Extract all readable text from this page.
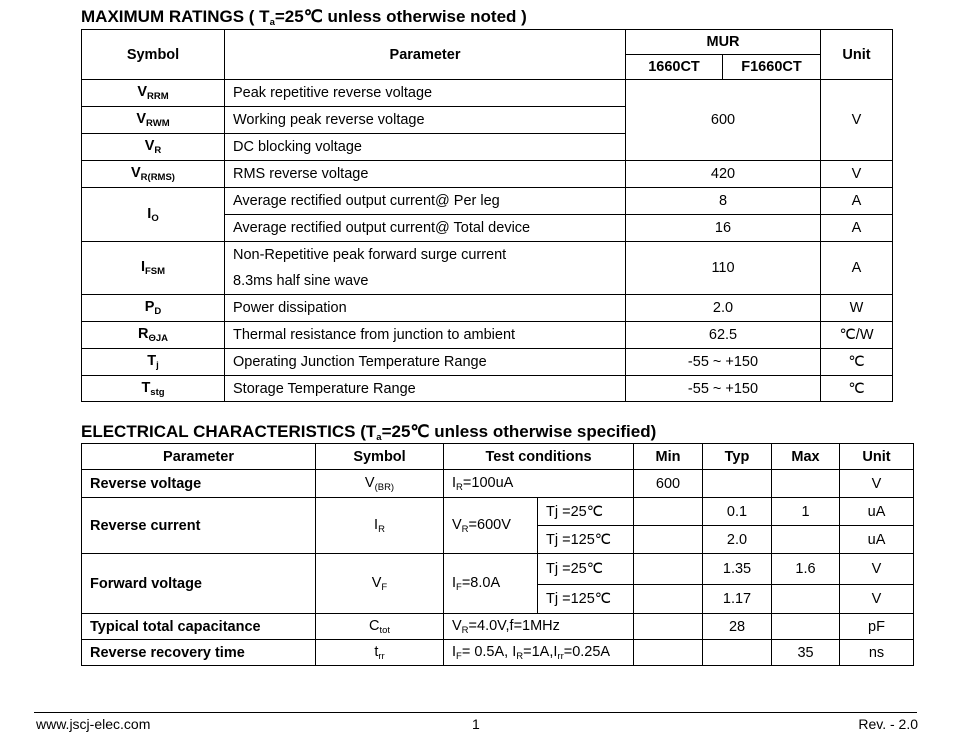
MAXIMUM RATINGS ( $T_a=25℃$ unless otherwise noted )
Symbol	Parameter	MUR		Unit
		1660CT	F1660CT	
$V_{RRM}$	Peak repetitive reverse voltage	600		V
$V_{RWM}$	Working peak reverse voltage			
$V_R$	DC blocking voltage			
$V_{R(RMS)}$	RMS reverse voltage	420		V
$I_O$	Average rectified output current@ Per leg	8		A
	Average rectified output current@ Total device	16		A
$I_{FSM}$	Non-Repetitive peak forward surge current
8.3ms half sine wave	110		A
$P_D$	Power dissipation	2.0		W
$R_{\Theta JA}$	Thermal resistance from junction to ambient	62.5		℃/W
$T_j$	Operating Junction Temperature Range	-55 ~ +150		℃
$T_{stg}$	Storage Temperature Range	-55 ~ +150		℃
ELECTRICAL CHARACTERISTICS ($T_a=25℃$ unless otherwise specified)
Parameter	Symbol	Test conditions		Min	Typ	Max	Unit
Reverse voltage	$V_{(BR)}$	$I_R=100uA$		600			V
Reverse current	$I_R$	$V_R=600V$	Tj =25℃		0.1	1	uA
			Tj =125℃		2.0		uA
Forward voltage	$V_F$	$I_F=8.0A$	Tj =25℃		1.35	1.6	V
			Tj =125℃		1.17		V
Typical total capacitance	$C_{tot}$	$V_R=4.0V,f=1MHz$			28		pF
Reverse recovery time	$t_{rr}$	$I_F= 0.5A$, $I_R=1A,I_{rr}=0.25A$				35	ns
www.jscj-elec.com	1	Rev. - 2.0
